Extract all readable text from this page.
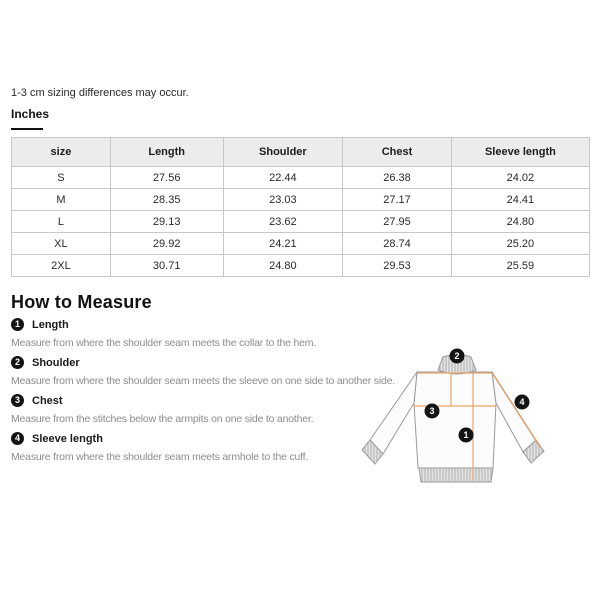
1-3 cm sizing differences may occur.
Inches
size	Length	Shoulder	Chest	Sleeve length
S	27.56	22.44	26.38	24.02
M	28.35	23.03	27.17	24.41
L	29.13	23.62	27.95	24.80
XL	29.92	24.21	28.74	25.20
2XL	30.71	24.80	29.53	25.59
How to Measure
1	Length
Measure from where the shoulder seam meets the collar to the hem.
2	Shoulder
Measure from where the shoulder seam meets the sleeve on one side to another side.
3	Chest
Measure from the stitches below the armpits on one side to another.
4	Sleeve length
Measure from where the shoulder seam meets armhole to the cuff.
2
3
1
4
